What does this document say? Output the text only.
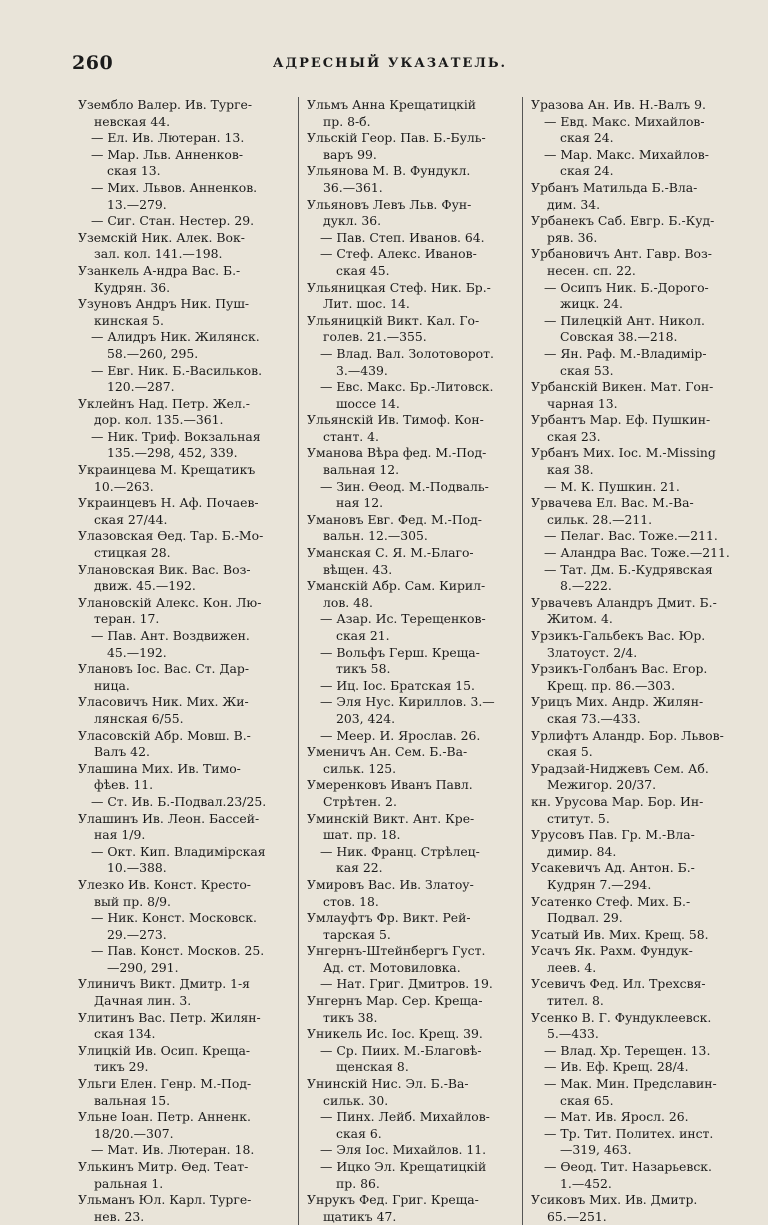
260	АДРЕСНЫЙ УКАЗАТЕЛЬ.
Уземблo Валер. Ив. Турге-
невская 44.
— Ел. Ив. Лютеран. 13.
— Мар. Льв. Анненков-
ская 13.
— Мих. Львов. Анненков.
13.—279.
— Сиг. Стан. Нестер. 29.
Уземскій Ник. Алек. Вок-
зал. кол. 141.—198.
Узанкель А-ндра Вас. Б.-
Кудрян. 36.
Узуновъ Андръ Ник. Пуш-
кинская 5.
— Алидръ Ник. Жилянск.
58.—260, 295.
— Евг. Ник. Б.-Васильков.
120.—287.
Уклейнъ Над. Петр. Жел.-
дор. кол. 135.—361.
— Ник. Триф. Вокзальная
135.—298, 452, 339.
Украинцева М. Крещатикъ
10.—263.
Украинцевъ Н. Аф. Почаев-
ская 27/44.
Улазовская Өед. Тар. Б.-Мо-
стицкая 28.
Улановская Вик. Вас. Воз-
движ. 45.—192.
Улановскій Алекс. Кон. Лю-
теран. 17.
— Пав. Ант. Воздвижен.
45.—192.
Улановъ Іос. Вас. Ст. Дар-
ница.
Уласовичъ Ник. Мих. Жи-
лянская 6/55.
Уласовскій Абр. Мовш. В.-
Валъ 42.
Улашина Мих. Ив. Тимо-
фѣев. 11.
— Ст. Ив. Б.-Подвал.23/25.
Улашинъ Ив. Леон. Бассей-
ная 1/9.
— Окт. Кип. Владимірская
10.—388.
Улезко Ив. Конст. Кресто-
вый пр. 8/9.
— Ник. Конст. Московск.
29.—273.
— Пав. Конст. Москов. 25.
—290, 291.
Улиничъ Викт. Дмитр. 1-я
Дачная лин. 3.
Улитинъ Вас. Петр. Жилян-
ская 134.
Улицкій Ив. Осип. Креща-
тикъ 29.
Ульги Елен. Генр. М.-Под-
вальная 15.
Ульне Іоан. Петр. Анненк.
18/20.—307.
— Мат. Ив. Лютеран. 18.
Улькинъ Митр. Өед. Теат-
ральная 1.
Ульманъ Юл. Карл. Турге-
нев. 23.
Ульмъ Анна Крещатицкій
пр. 8-б.
Ульскій Геор. Пав. Б.-Буль-
варъ 99.
Ульянова М. В. Фундукл.
36.—361.
Ульяновъ Левъ Льв. Фун-
дукл. 36.
— Пав. Степ. Иванов. 64.
— Стеф. Алекс. Иванов-
ская 45.
Ульяницкая Стеф. Ник. Бр.-
Лит. шос. 14.
Ульяницкій Викт. Кал. Го-
голев. 21.—355.
— Влад. Вал. Золотоворот.
3.—439.
— Евс. Макс. Бр.-Литовск.
шоссе 14.
Ульянскій Ив. Тимоф. Кон-
стант. 4.
Уманова Вѣра фед. М.-Под-
вальная 12.
— Зин. Өеод. М.-Подваль-
ная 12.
Умановъ Евг. Фед. М.-Под-
вальн. 12.—305.
Уманская С. Я. М.-Благо-
вѣщен. 43.
Уманскій Абр. Сам. Кирил-
лов. 48.
— Азар. Ис. Терещенков-
ская 21.
— Вольфъ Герш. Креща-
тикъ 58.
— Иц. Іос. Братская 15.
— Эля Нус. Кириллов. 3.—
203, 424.
— Меер. И. Ярослав. 26.
Уменичъ Ан. Сем. Б.-Ва-
сильк. 125.
Умеренковъ Иванъ Павл.
Стрѣтен. 2.
Уминскій Викт. Ант. Кре-
шат. пр. 18.
— Ник. Франц. Стрѣлец-
кая 22.
Умировъ Вас. Ив. Златоу-
стов. 18.
Умлауфтъ Фр. Викт. Рей-
тарская 5.
Унгернъ-Штейнбергъ Густ.
Ад. ст. Мотовиловка.
— Нат. Григ. Дмитров. 19.
Унгернъ Мар. Сер. Креща-
тикъ 38.
Уникель Ис. Іос. Крещ. 39.
— Ср. Пиих. М.-Благовѣ-
щенская 8.
Унинскій Нис. Эл. Б.-Ва-
сильк. 30.
— Пинх. Лейб. Михайлов-
ская 6.
— Эля Іос. Михайлов. 11.
— Ицко Эл. Крещатицкій
пр. 86.
Унрукъ Фед. Григ. Креща-
щатикъ 47.
Уразова Ан. Ив. Н.-Валъ 9.
— Евд. Макс. Михайлов-
ская 24.
— Мар. Макс. Михайлов-
ская 24.
Урбанъ Матильда Б.-Вла-
дим. 34.
Урбанекъ Саб. Евгр. Б.-Куд-
ряв. 36.
Урбановичъ Ант. Гавр. Воз-
несен. сп. 22.
— Осипъ Ник. Б.-Дорого-
жицк. 24.
— Пилецкій Ант. Никол.
Совская 38.—218.
— Ян. Раф. М.-Владимір-
ская 53.
Урбанскій Викен. Мат. Гон-
чарная 13.
Урбантъ Мар. Еф. Пушкин-
ская 23.
Урбанъ Мих. Іос. М.-Missing
кая 38.
— М. К. Пушкин. 21.
Урвачева Ел. Вас. М.-Ва-
сильк. 28.—211.
— Пелаг. Вас. Тоже.—211.
— Аландра Вас. Тоже.—211.
— Тат. Дм. Б.-Кудрявская
8.—222.
Урвачевъ Аландръ Дмит. Б.-
Житом. 4.
Урзикъ-Гальбекъ Вас. Юр.
Златоуст. 2/4.
Урзикъ-Голбанъ Вас. Егор.
Крещ. пр. 86.—303.
Урицъ Мих. Андр. Жилян-
ская 73.—433.
Урлифтъ Аландр. Бор. Львов-
ская 5.
Урадзай-Ниджевъ Сем. Аб.
Межигор. 20/37.
кн. Урусова Мар. Бор. Ин-
ститут. 5.
Урусовъ Пав. Гр. М.-Вла-
димир. 84.
Усакевичъ Ад. Антон. Б.-
Кудрян 7.—294.
Усатенко Стеф. Мих. Б.-
Подвал. 29.
Усатый Ив. Мих. Крещ. 58.
Усачъ Як. Рахм. Фундук-
леев. 4.
Усевичъ Фед. Ил. Трехсвя-
тител. 8.
Усенко В. Г. Фундуклеевск.
5.—433.
— Влад. Хр. Терещен. 13.
— Ив. Еф. Крещ. 28/4.
— Мак. Мин. Предславин-
ская 65.
— Мат. Ив. Яросл. 26.
— Тр. Тит. Политех. инст.
—319, 463.
— Өеод. Тит. Назарьевск.
1.—452.
Усиковъ Мих. Ив. Дмитр.
65.—251.
